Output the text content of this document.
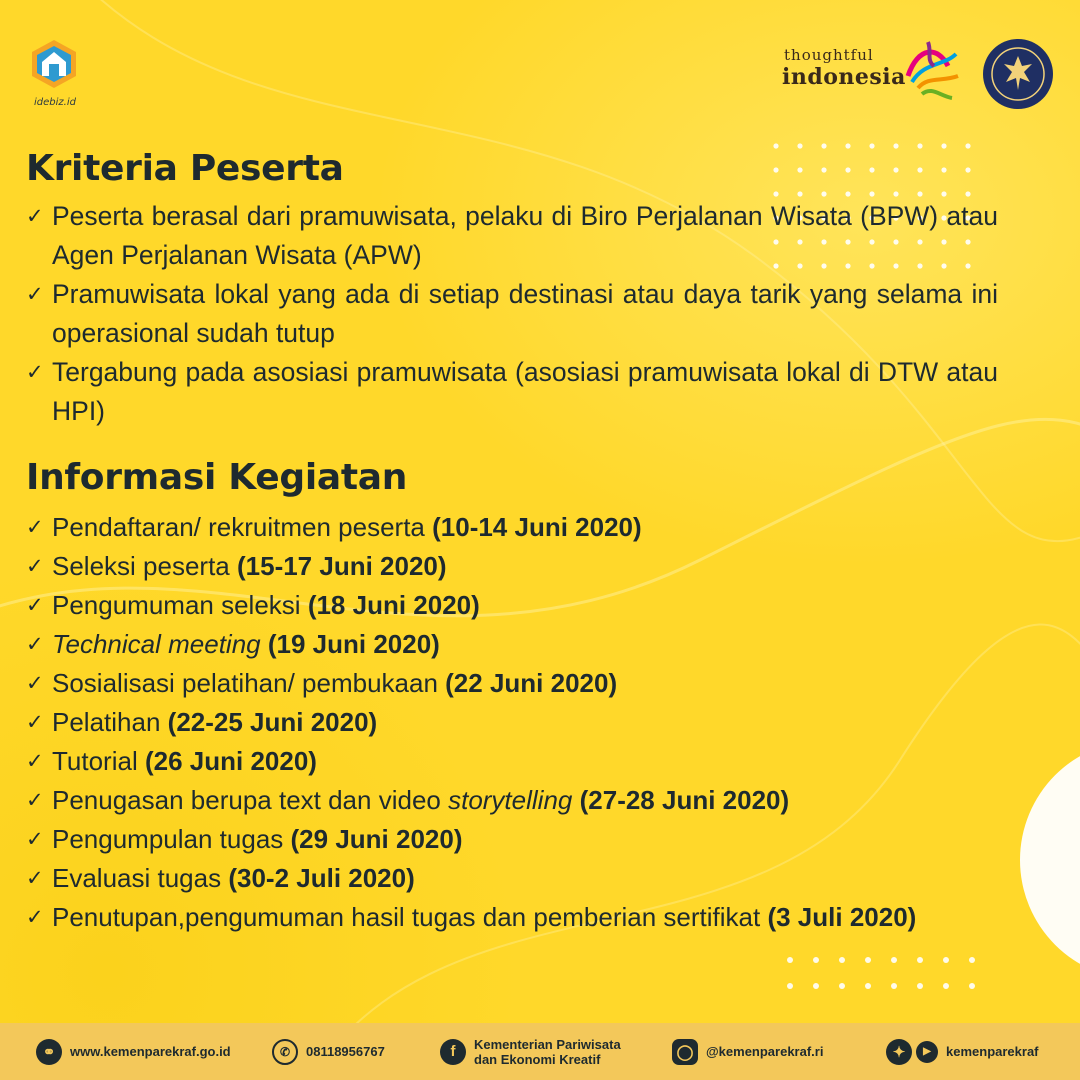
idebiz.id
thoughtful
indonesia
Kriteria Peserta
✓ Peserta berasal dari pramuwisata, pelaku di Biro Perjalanan Wisata (BPW) atau Agen Perjalanan Wisata (APW)
✓ Pramuwisata lokal yang ada di setiap destinasi atau daya tarik yang selama ini operasional sudah tutup
✓ Tergabung pada asosiasi pramuwisata (asosiasi pramuwisata lokal di DTW atau HPI)
Informasi Kegiatan
✓ Pendaftaran/ rekruitmen peserta (10-14 Juni 2020)
✓ Seleksi peserta (15-17 Juni 2020)
✓ Pengumuman seleksi (18 Juni 2020)
✓ Technical meeting (19 Juni 2020)
✓ Sosialisasi pelatihan/ pembukaan (22 Juni 2020)
✓ Pelatihan (22-25 Juni 2020)
✓ Tutorial (26 Juni 2020)
✓ Penugasan berupa text dan video storytelling (27-28 Juni 2020)
✓ Pengumpulan tugas (29 Juni 2020)
✓ Evaluasi tugas (30-2 Juli 2020)
✓ Penutupan,pengumuman hasil tugas dan pemberian sertifikat (3 Juli 2020)
⚭	www.kemenparekraf.go.id	✆	08118956767	f	Kementerian Pariwisata
dan Ekonomi Kreatif	◯ @kemenparekraf.ri	✦	▶	kemenparekraf
